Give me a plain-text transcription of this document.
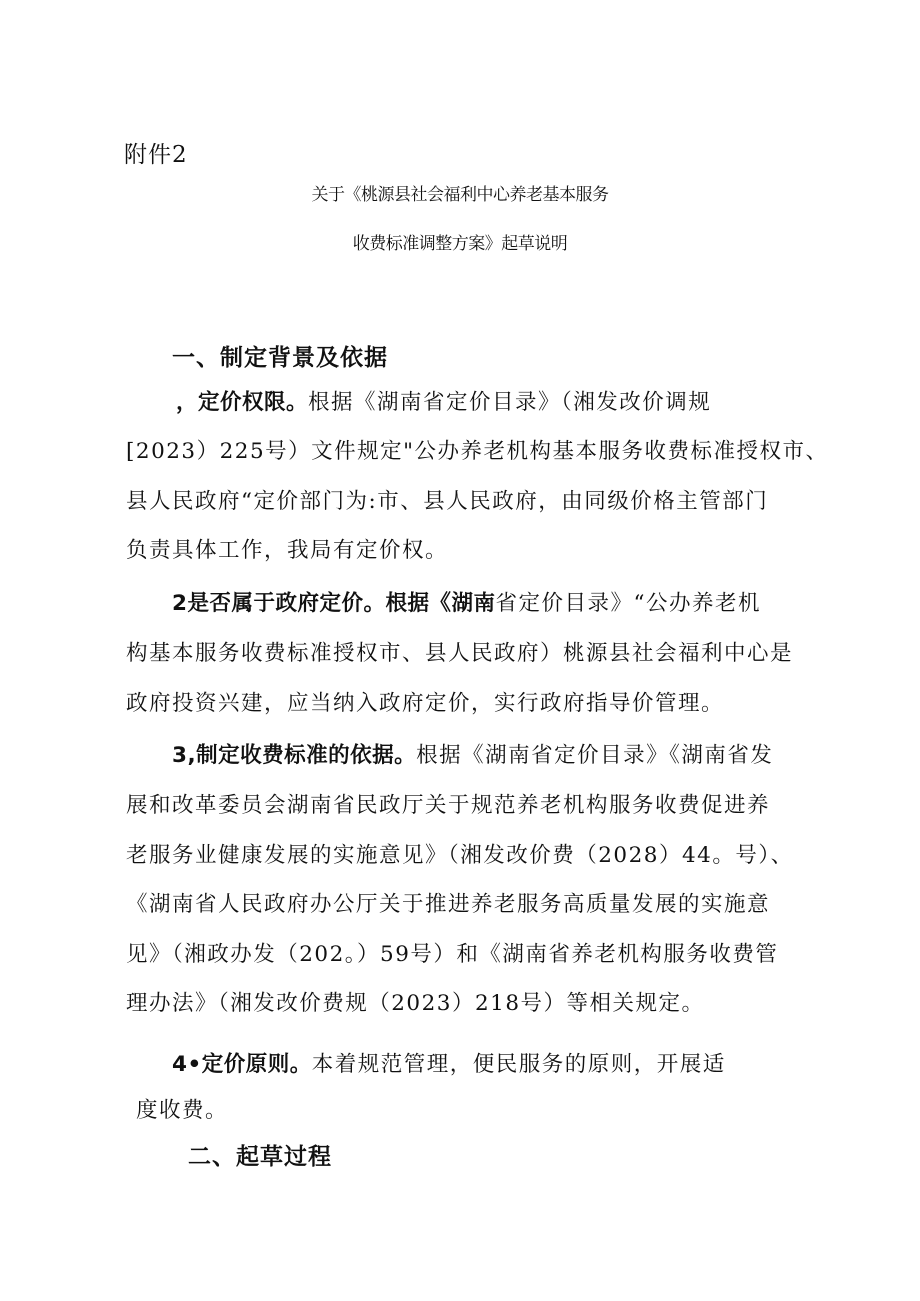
附件2
关于《桃源县社会福利中心养老基本服务
收费标准调整方案》起草说明
一、制定背景及依据
，定价权限。根据《湖南省定价目录》（湘发改价调规
[2023）225号）文件规定"公办养老机构基本服务收费标准授权市、
县人民政府“定价部门为:市、县人民政府，由同级价格主管部门
负责具体工作，我局有定价权。
2是否属于政府定价。根据《湖南省定价目录》“公办养老机
构基本服务收费标准授权市、县人民政府）桃源县社会福利中心是
政府投资兴建，应当纳入政府定价，实行政府指导价管理。
3,制定收费标准的依据。根据《湖南省定价目录》《湖南省发
展和改革委员会湖南省民政厅关于规范养老机构服务收费促进养
老服务业健康发展的实施意见》（湘发改价费（2028）44。号）、
《湖南省人民政府办公厅关于推进养老服务高质量发展的实施意
见》（湘政办发（202。）59号）和《湖南省养老机构服务收费管
理办法》（湘发改价费规（2023）218号）等相关规定。
4•定价原则。本着规范管理，便民服务的原则，开展适
度收费。
二、起草过程
